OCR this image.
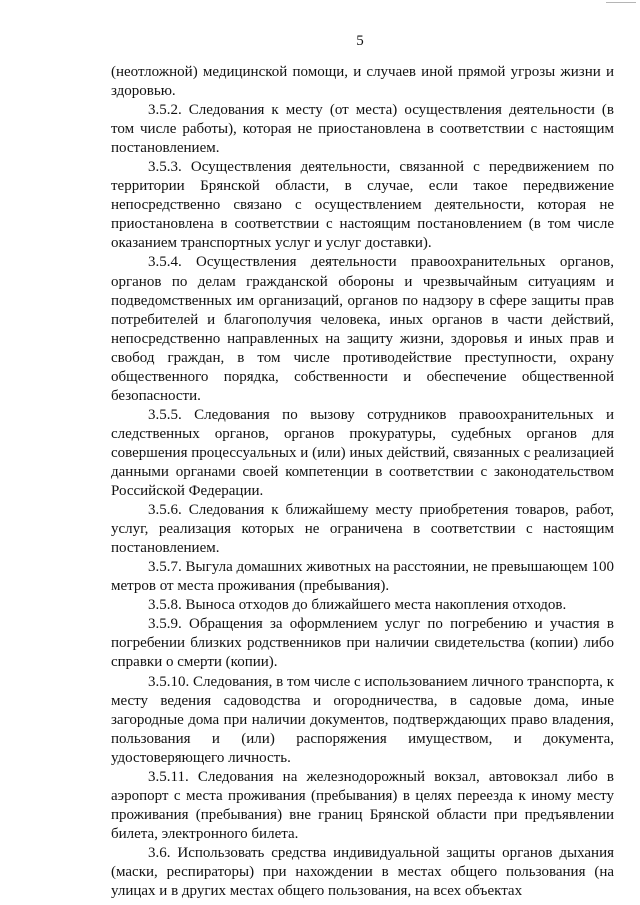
5

(неотложной) медицинской помощи, и случаев иной прямой угрозы жизни и здоровью.

3.5.2. Следования к месту (от места) осуществления деятельности (в том числе работы), которая не приостановлена в соответствии с настоящим постановлением.

3.5.3. Осуществления деятельности, связанной с передвижением по территории Брянской области, в случае, если такое передвижение непосредственно связано с осуществлением деятельности, которая не приостановлена в соответствии с настоящим постановлением (в том числе оказанием транспортных услуг и услуг доставки).

3.5.4. Осуществления деятельности правоохранительных органов, органов по делам гражданской обороны и чрезвычайным ситуациям и подведомственных им организаций, органов по надзору в сфере защиты прав потребителей и благополучия человека, иных органов в части действий, непосредственно направленных на защиту жизни, здоровья и иных прав и свобод граждан, в том числе противодействие преступности, охрану общественного порядка, собственности и обеспечение общественной безопасности.

3.5.5. Следования по вызову сотрудников правоохранительных и следственных органов, органов прокуратуры, судебных органов для совершения процессуальных и (или) иных действий, связанных с реализацией данными органами своей компетенции в соответствии с законодательством Российской Федерации.

3.5.6. Следования к ближайшему месту приобретения товаров, работ, услуг, реализация которых не ограничена в соответствии с настоящим постановлением.

3.5.7. Выгула домашних животных на расстоянии, не превышающем 100 метров от места проживания (пребывания).

3.5.8. Выноса отходов до ближайшего места накопления отходов.

3.5.9. Обращения за оформлением услуг по погребению и участия в погребении близких родственников при наличии свидетельства (копии) либо справки о смерти (копии).

3.5.10. Следования, в том числе с использованием личного транспорта, к месту ведения садоводства и огородничества, в садовые дома, иные загородные дома при наличии документов, подтверждающих право владения, пользования и (или) распоряжения имуществом, и документа, удостоверяющего личность.

3.5.11. Следования на железнодорожный вокзал, автовокзал либо в аэропорт с места проживания (пребывания) в целях переезда к иному месту проживания (пребывания) вне границ Брянской области при предъявлении билета, электронного билета.

3.6. Использовать средства индивидуальной защиты органов дыхания (маски, респираторы) при нахождении в местах общего пользования (на улицах и в других местах общего пользования, на всех объектах
